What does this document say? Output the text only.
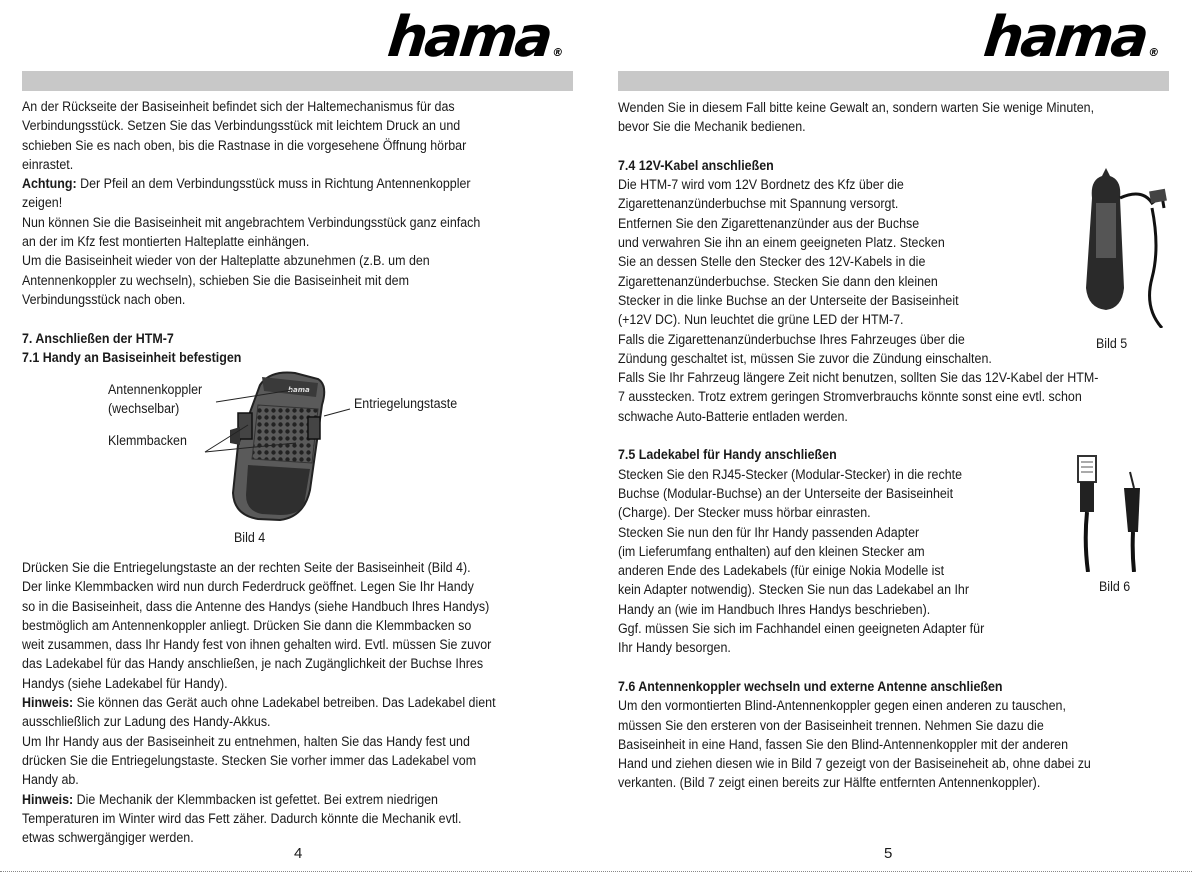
hama®

An der Rückseite der Basiseinheit befindet sich der Haltemechanismus für das

Verbindungsstück. Setzen Sie das Verbindungsstück mit leichtem Druck an und

schieben Sie es nach oben, bis die Rastnase in die vorgesehene Öffnung hörbar

einrastet.

Achtung: Der Pfeil an dem Verbindungsstück muss in Richtung Antennenkoppler

zeigen!

Nun können Sie die Basiseinheit mit angebrachtem Verbindungsstück ganz einfach

an der im Kfz fest montierten Halteplatte einhängen.

Um die Basiseinheit wieder von der Halteplatte abzunehmen (z.B. um den

Antennenkoppler zu wechseln), schieben Sie die Basiseinheit mit dem

Verbindungsstück nach oben.

7. Anschließen der HTM-7

7.1 Handy an Basiseinheit befestigen

hama
Antennenkoppler
(wechselbar)	Entriegelungstaste
Klemmbacken
Bild 4

Drücken Sie die Entriegelungstaste an der rechten Seite der Basiseinheit (Bild 4).

Der linke Klemmbacken wird nun durch Federdruck geöffnet. Legen Sie Ihr Handy

so in die Basiseinheit, dass die Antenne des Handys (siehe Handbuch Ihres Handys)

bestmöglich am Antennenkoppler anliegt. Drücken Sie dann die Klemmbacken so

weit zusammen, dass Ihr Handy fest von ihnen gehalten wird. Evtl. müssen Sie zuvor

das Ladekabel für das Handy anschließen, je nach Zugänglichkeit der Buchse Ihres

Handys (siehe Ladekabel für Handy).

Hinweis: Sie können das Gerät auch ohne Ladekabel betreiben. Das Ladekabel dient

ausschließlich zur Ladung des Handy-Akkus.

Um Ihr Handy aus der Basiseinheit zu entnehmen, halten Sie das Handy fest und

drücken Sie die Entriegelungstaste. Stecken Sie vorher immer das Ladekabel vom

Handy ab.

Hinweis: Die Mechanik der Klemmbacken ist gefettet. Bei extrem niedrigen

Temperaturen im Winter wird das Fett zäher. Dadurch könnte die Mechanik evtl.

etwas schwergängiger werden.

4
hama®

Wenden Sie in diesem Fall bitte keine Gewalt an, sondern warten Sie wenige Minuten,

bevor Sie die Mechanik bedienen.

7.4 12V-Kabel anschließen

Die HTM-7 wird vom 12V Bordnetz des Kfz über die

Zigarettenanzünderbuchse mit Spannung versorgt.

Entfernen Sie den Zigarettenanzünder aus der Buchse

und verwahren Sie ihn an einem geeigneten Platz. Stecken

Sie an dessen Stelle den Stecker des 12V-Kabels in die

Zigarettenanzünderbuchse. Stecken Sie dann den kleinen

Stecker in die linke Buchse an der Unterseite der Basiseinheit

(+12V DC). Nun leuchtet die grüne LED der HTM-7.

Falls die Zigarettenanzünderbuchse Ihres Fahrzeuges über die

Zündung geschaltet ist, müssen Sie zuvor die Zündung einschalten.

Falls Sie Ihr Fahrzeug längere Zeit nicht benutzen, sollten Sie das 12V-Kabel der HTM-

7 ausstecken. Trotz extrem geringen Stromverbrauchs könnte sonst eine evtl. schon

schwache Auto-Batterie entladen werden.

7.5 Ladekabel für Handy anschließen

Stecken Sie den RJ45-Stecker (Modular-Stecker) in die rechte

Buchse (Modular-Buchse) an der Unterseite der Basiseinheit

(Charge). Der Stecker muss hörbar einrasten.

Stecken Sie nun den für Ihr Handy passenden Adapter

(im Lieferumfang enthalten) auf den kleinen Stecker am

anderen Ende des Ladekabels (für einige Nokia Modelle ist

kein Adapter notwendig). Stecken Sie nun das Ladekabel an Ihr

Handy an (wie im Handbuch Ihres Handys beschrieben).

Ggf. müssen Sie sich im Fachhandel einen geeigneten Adapter für

Ihr Handy besorgen.

7.6 Antennenkoppler wechseln und externe Antenne anschließen

Um den vormontierten Blind-Antennenkoppler gegen einen anderen zu tauschen,

müssen Sie den ersteren von der Basiseinheit trennen. Nehmen Sie dazu die

Basiseinheit in eine Hand, fassen Sie den Blind-Antennenkoppler mit der anderen

Hand und ziehen diesen wie in Bild 7 gezeigt von der Basiseineheit ab, ohne dabei zu

verkanten. (Bild 7 zeigt einen bereits zur Hälfte entfernten Antennenkoppler).

Bild 5
Bild 6
5
